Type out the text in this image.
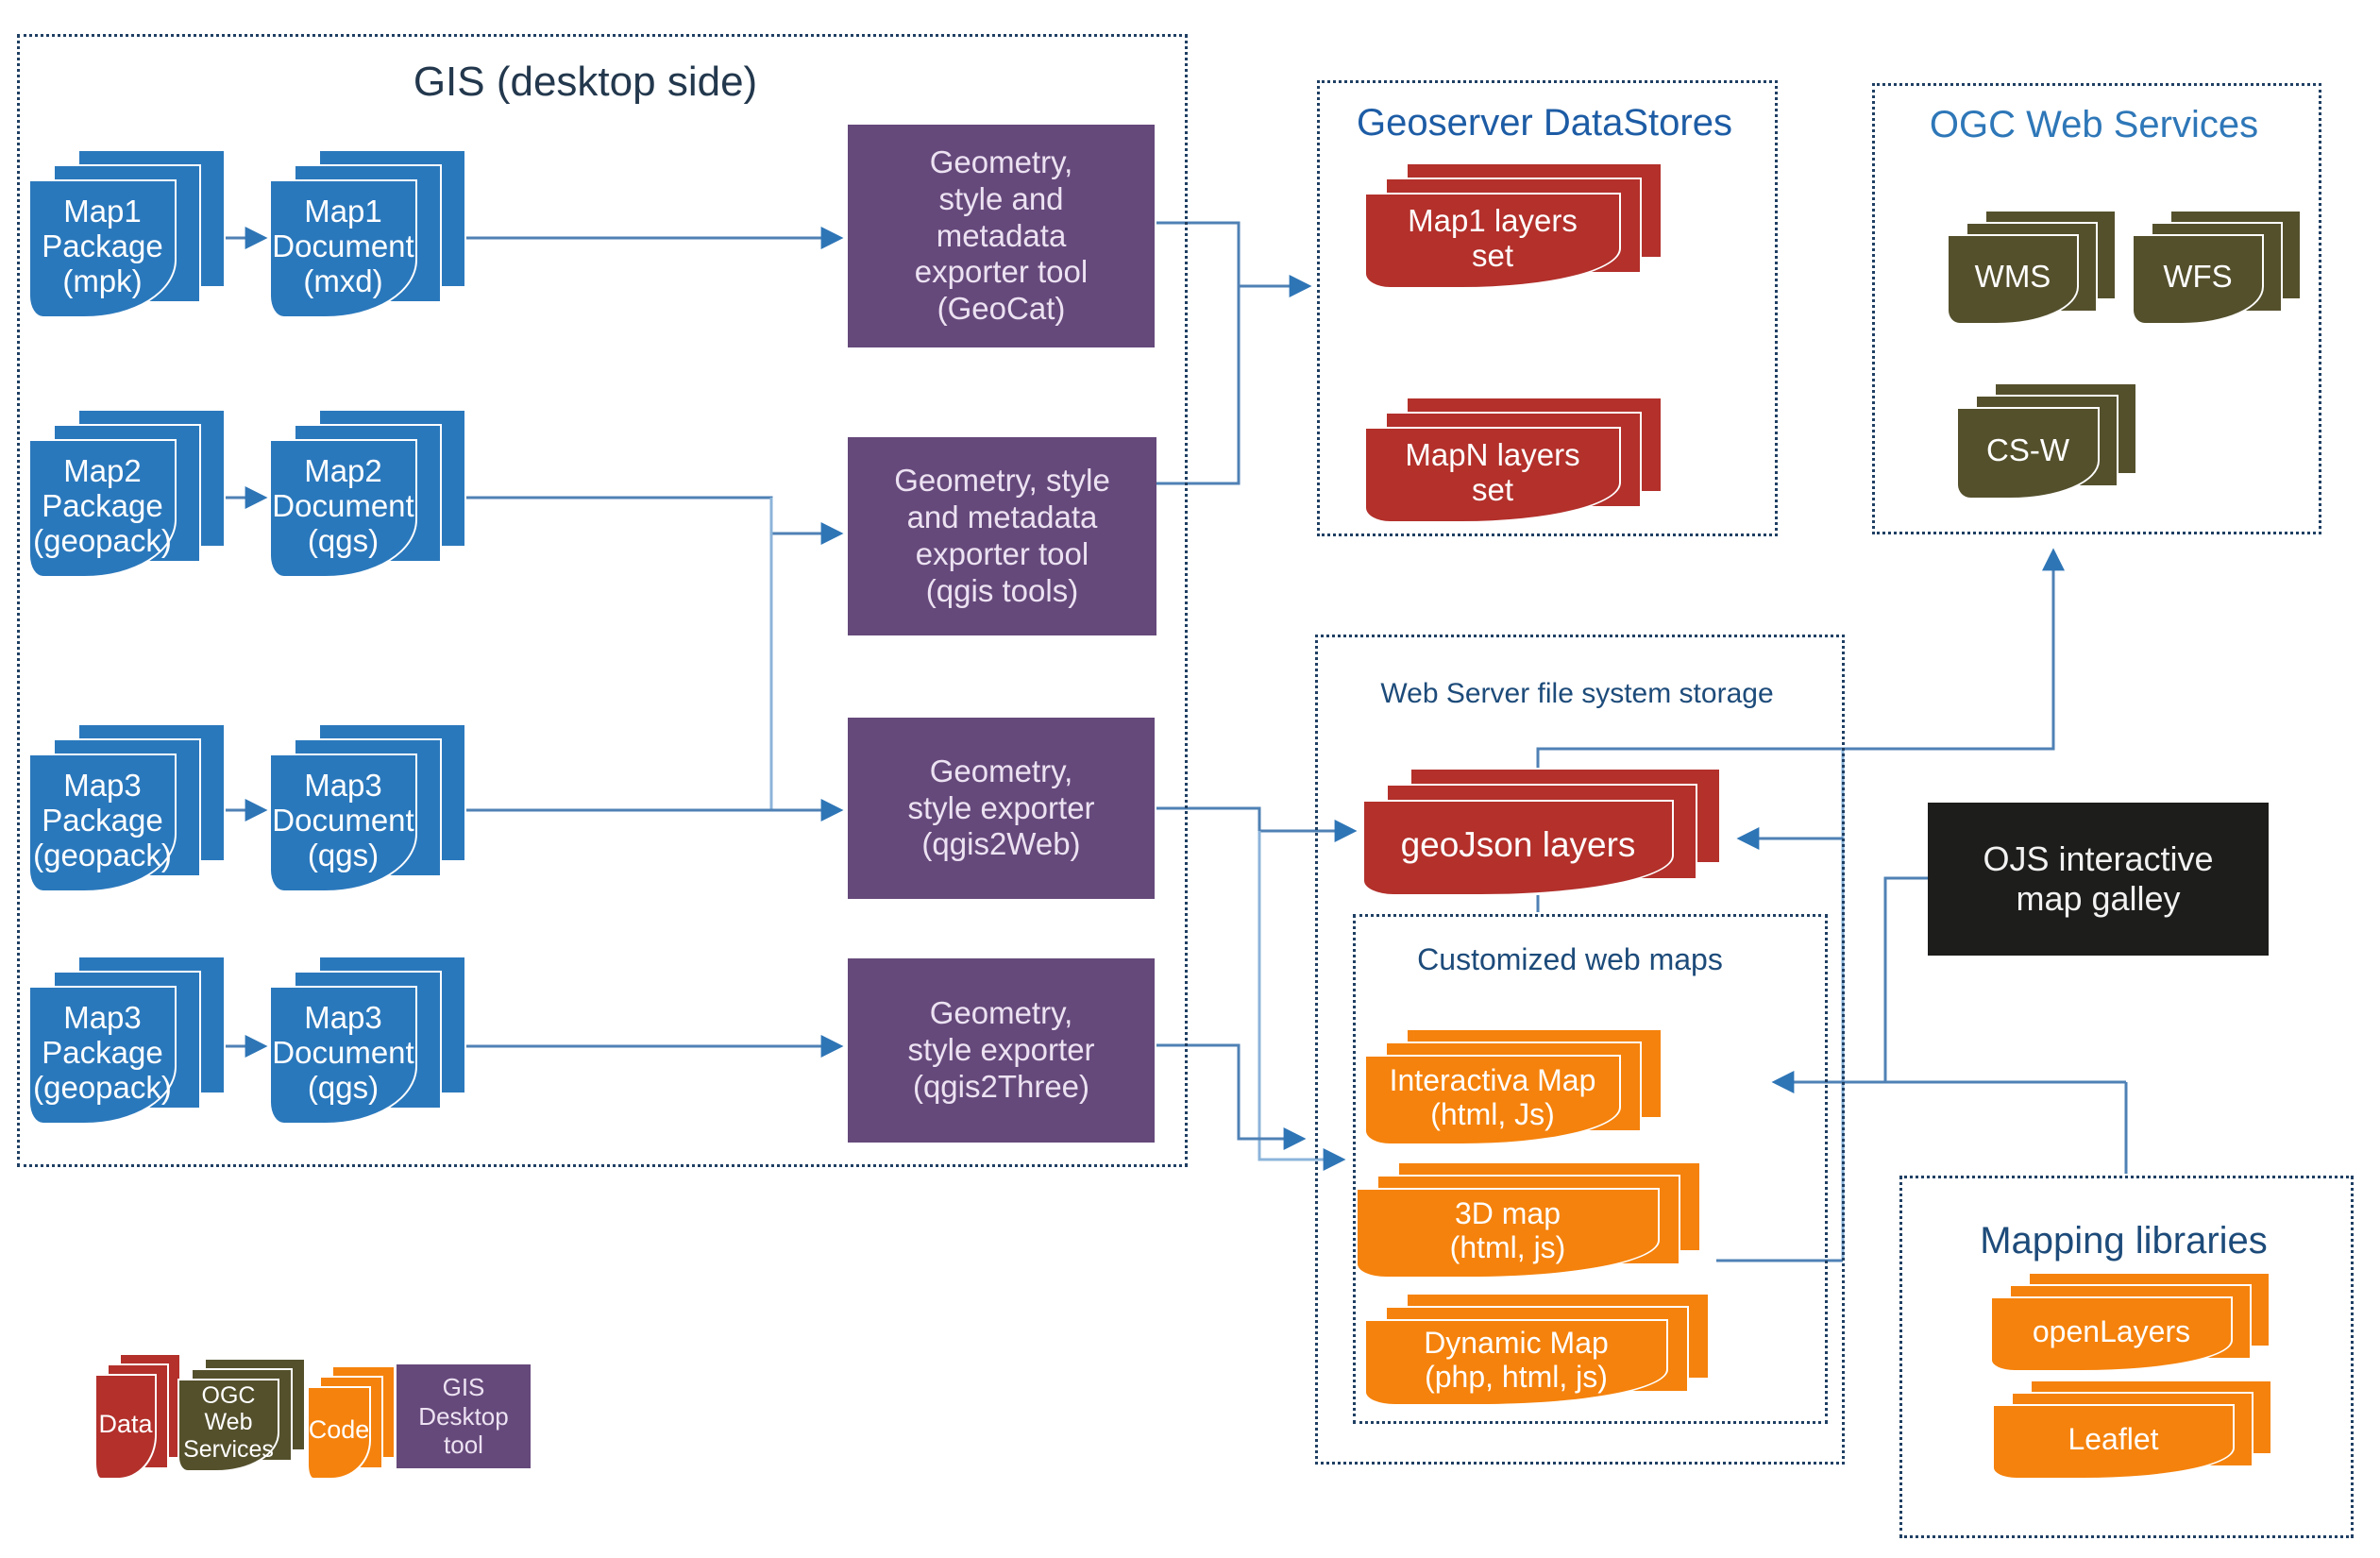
GIS (desktop side)
Map1
Package
(mpk)
Map1
Document
(mxd)
Geometry,
style and
metadata
exporter tool
(GeoCat)
Map2
Package
(geopack)
Map2
Document
(qgs)
Geometry, style
and metadata
exporter tool
(qgis tools)
Map3
Package
(geopack)
Map3
Document
(qgs)
Geometry,
style exporter
(qgis2Web)
Map3
Package
(geopack)
Map3
Document
(qgs)
Geometry,
style exporter
(qgis2Three)
Geoserver DataStores
Map1 layers
set
MapN layers
set
OGC Web Services
WMS	WFS
CS-W
Web Server file system storage
geoJson layers
Customized web maps
Interactiva Map
(html, Js)
3D map
(html, js)
Dynamic Map
(php, html, js)
OJS interactive
map galley
Mapping libraries
openLayers
Leaflet
Data
OGC Web
Services
Code
GIS Desktop
tool
